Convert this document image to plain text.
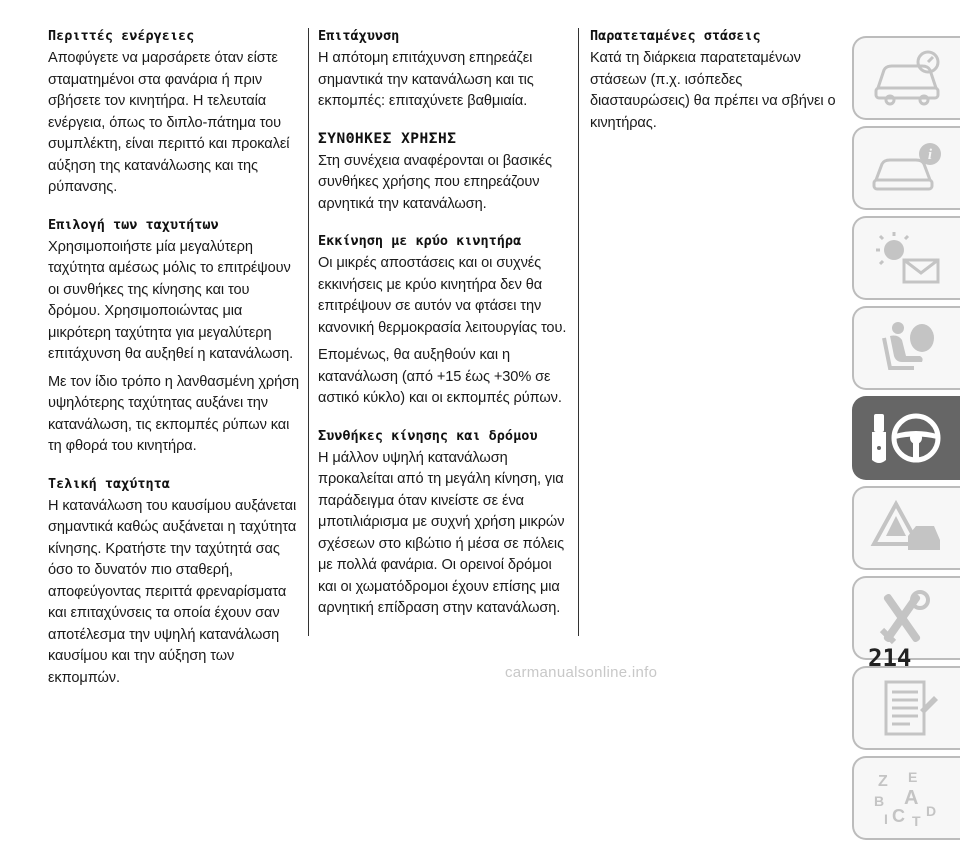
Περιττές ενέργειες

Αποφύγετε να μαρσάρετε όταν είστε σταματημένοι στα φανάρια ή πριν σβήσετε τον κινητήρα. Η τελευταία ενέργεια, όπως το διπλο-πάτημα του συμπλέκτη, είναι περιττό και προκαλεί αύξηση της κατανάλωσης και της ρύπανσης.

Επιλογή των ταχυτήτων

Χρησιμοποιήστε μία μεγαλύτερη ταχύτητα αμέσως μόλις το επιτρέψουν οι συνθήκες της κίνησης και του δρόμου. Χρησιμοποιώντας μια μικρότερη ταχύτητα για μεγαλύτερη επιτάχυνση θα αυξηθεί η κατανάλωση.

Με τον ίδιο τρόπο η λανθασμένη χρήση υψηλότερης ταχύτητας αυξάνει την κατανάλωση, τις εκπομπές ρύπων και τη φθορά του κινητήρα.

Τελική ταχύτητα

Η κατανάλωση του καυσίμου αυξάνεται σημαντικά καθώς αυξάνεται η ταχύτητα κίνησης. Κρατήστε την ταχύτητά σας όσο το δυνατόν πιο σταθερή, αποφεύγοντας περιττά φρεναρίσματα και επιταχύνσεις τα οποία έχουν σαν αποτέλεσμα την υψηλή κατανάλωση καυσίμου και την αύξηση των εκπομπών.

Επιτάχυνση

Η απότομη επιτάχυνση επηρεάζει σημαντικά την κατανάλωση και τις εκπομπές: επιταχύνετε βαθμιαία.

ΣΥΝΘΗΚΕΣ ΧΡΗΣΗΣ

Στη συνέχεια αναφέρονται οι βασικές συνθήκες χρήσης που επηρεάζουν αρνητικά την κατανάλωση.

Εκκίνηση με κρύο κινητήρα

Οι μικρές αποστάσεις και οι συχνές εκκινήσεις με κρύο κινητήρα δεν θα επιτρέψουν σε αυτόν να φτάσει την κανονική θερμοκρασία λειτουργίας του.

Επομένως, θα αυξηθούν και η κατανάλωση (από +15 έως +30% σε αστικό κύκλο) και οι εκπομπές ρύπων.

Συνθήκες κίνησης και δρόμου

Η μάλλον υψηλή κατανάλωση προκαλείται από τη μεγάλη κίνηση, για παράδειγμα όταν κινείστε σε ένα μποτιλιάρισμα με συχνή χρήση μικρών σχέσεων στο κιβώτιο ή μέσα σε πόλεις με πολλά φανάρια. Οι ορεινοί δρόμοι και οι χωματόδρομοι έχουν επίσης μια αρνητική επίδραση στην κατανάλωση.

Παρατεταμένες στάσεις

Κατά τη διάρκεια παρατεταμένων στάσεων (π.χ. ισόπεδες διασταυρώσεις) θα πρέπει να σβήνει ο κινητήρας.

i
Z E
B A
I C T
D
214
carmanualsonline.info
